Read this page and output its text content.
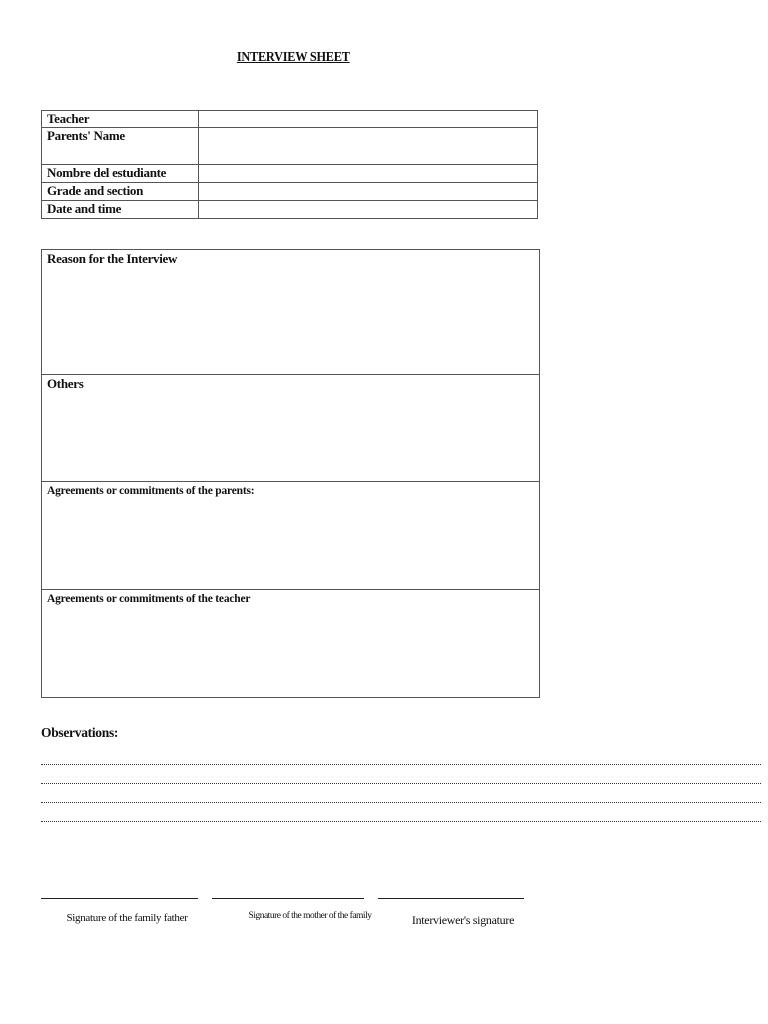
INTERVIEW SHEET
Teacher	
Parents' Name	
Nombre del estudiante	
Grade and section	
Date and time	
Reason for the Interview
Others
Agreements or commitments of the parents:
Agreements or commitments of the teacher
Observations:
Signature of the family father	Signature of the mother of the family	Interviewer's signature
